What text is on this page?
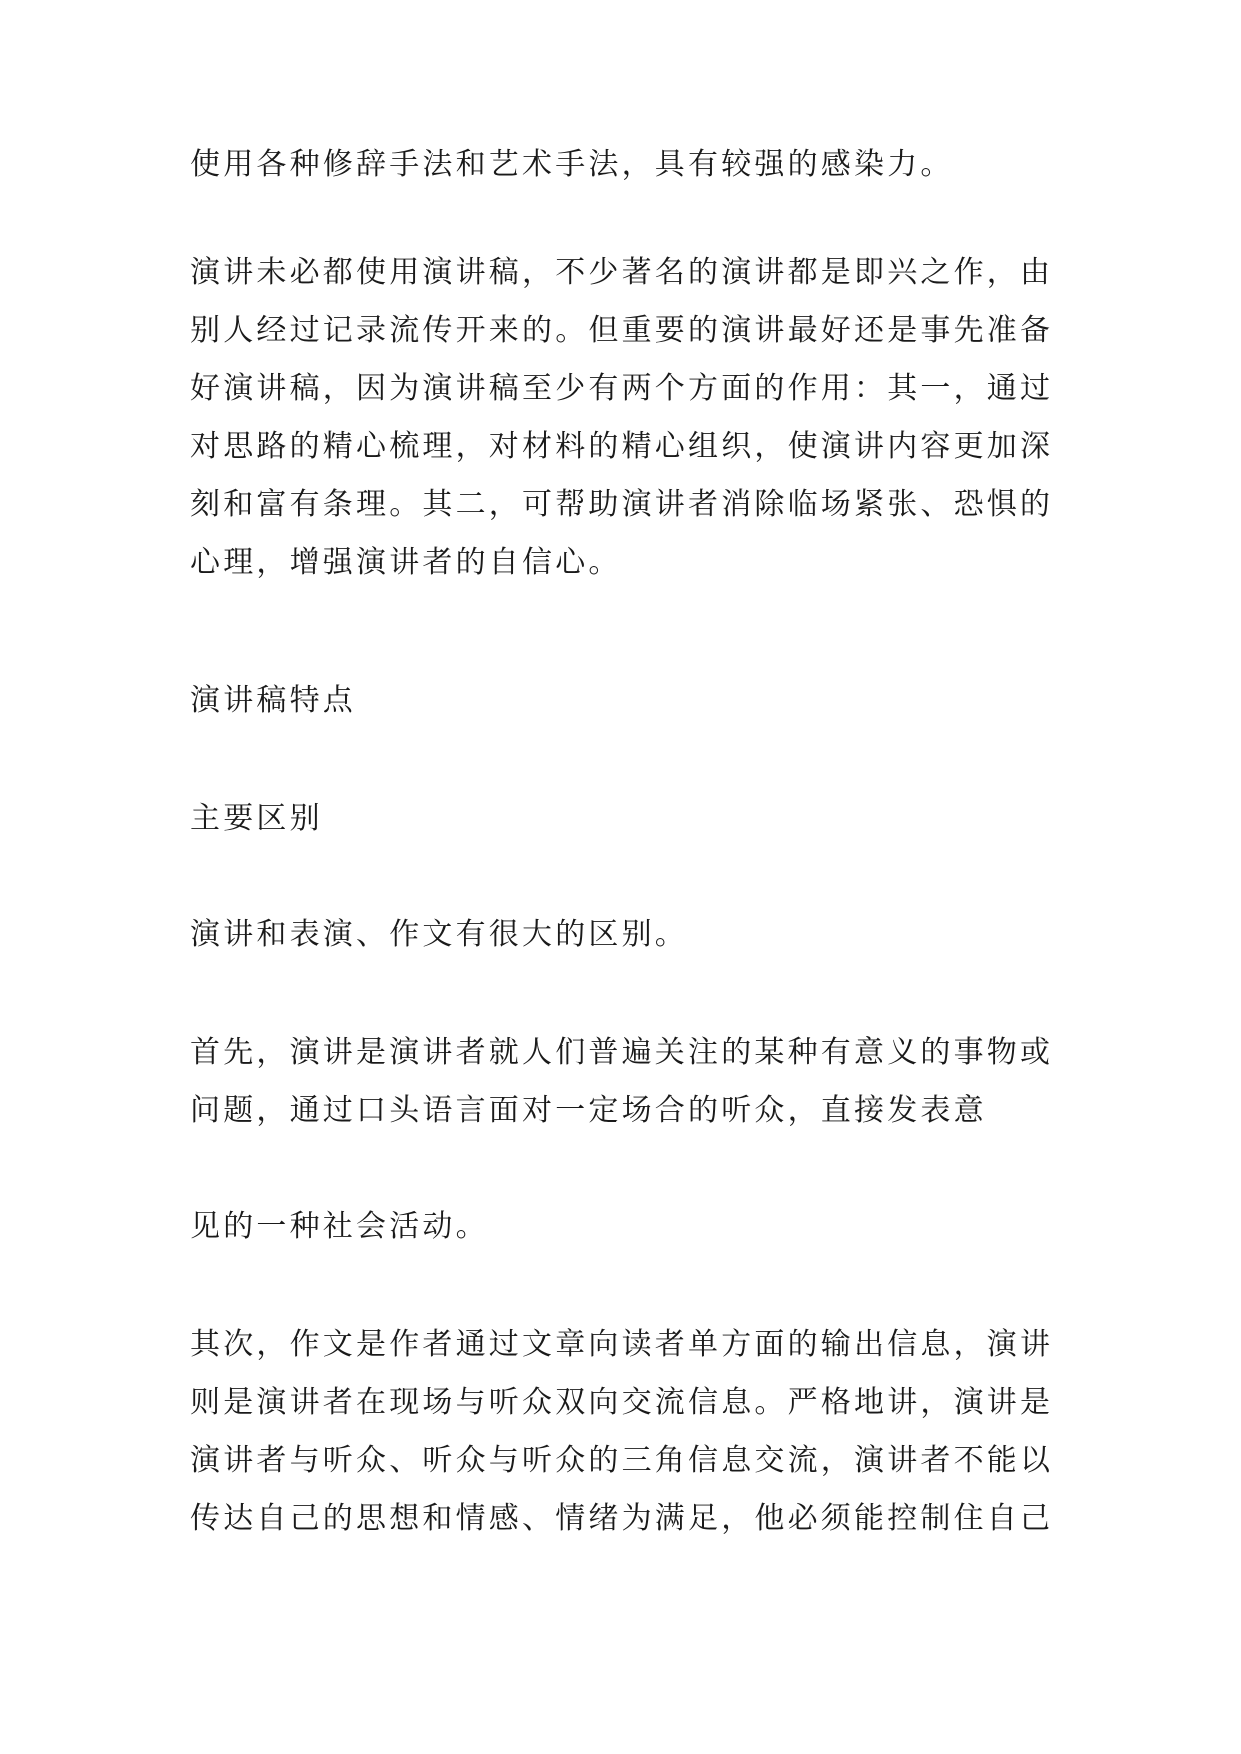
使用各种修辞手法和艺术手法，具有较强的感染力。

演讲未必都使用演讲稿，不少著名的演讲都是即兴之作，由
别人经过记录流传开来的。但重要的演讲最好还是事先准备
好演讲稿，因为演讲稿至少有两个方面的作用：其一，通过
对思路的精心梳理，对材料的精心组织，使演讲内容更加深
刻和富有条理。其二，可帮助演讲者消除临场紧张、恐惧的
心理，增强演讲者的自信心。

演讲稿特点

主要区别

演讲和表演、作文有很大的区别。

首先，演讲是演讲者就人们普遍关注的某种有意义的事物或
问题，通过口头语言面对一定场合的听众，直接发表意

见的一种社会活动。

其次，作文是作者通过文章向读者单方面的输出信息，演讲
则是演讲者在现场与听众双向交流信息。严格地讲，演讲是
演讲者与听众、听众与听众的三角信息交流，演讲者不能以
传达自己的思想和情感、情绪为满足，他必须能控制住自己
